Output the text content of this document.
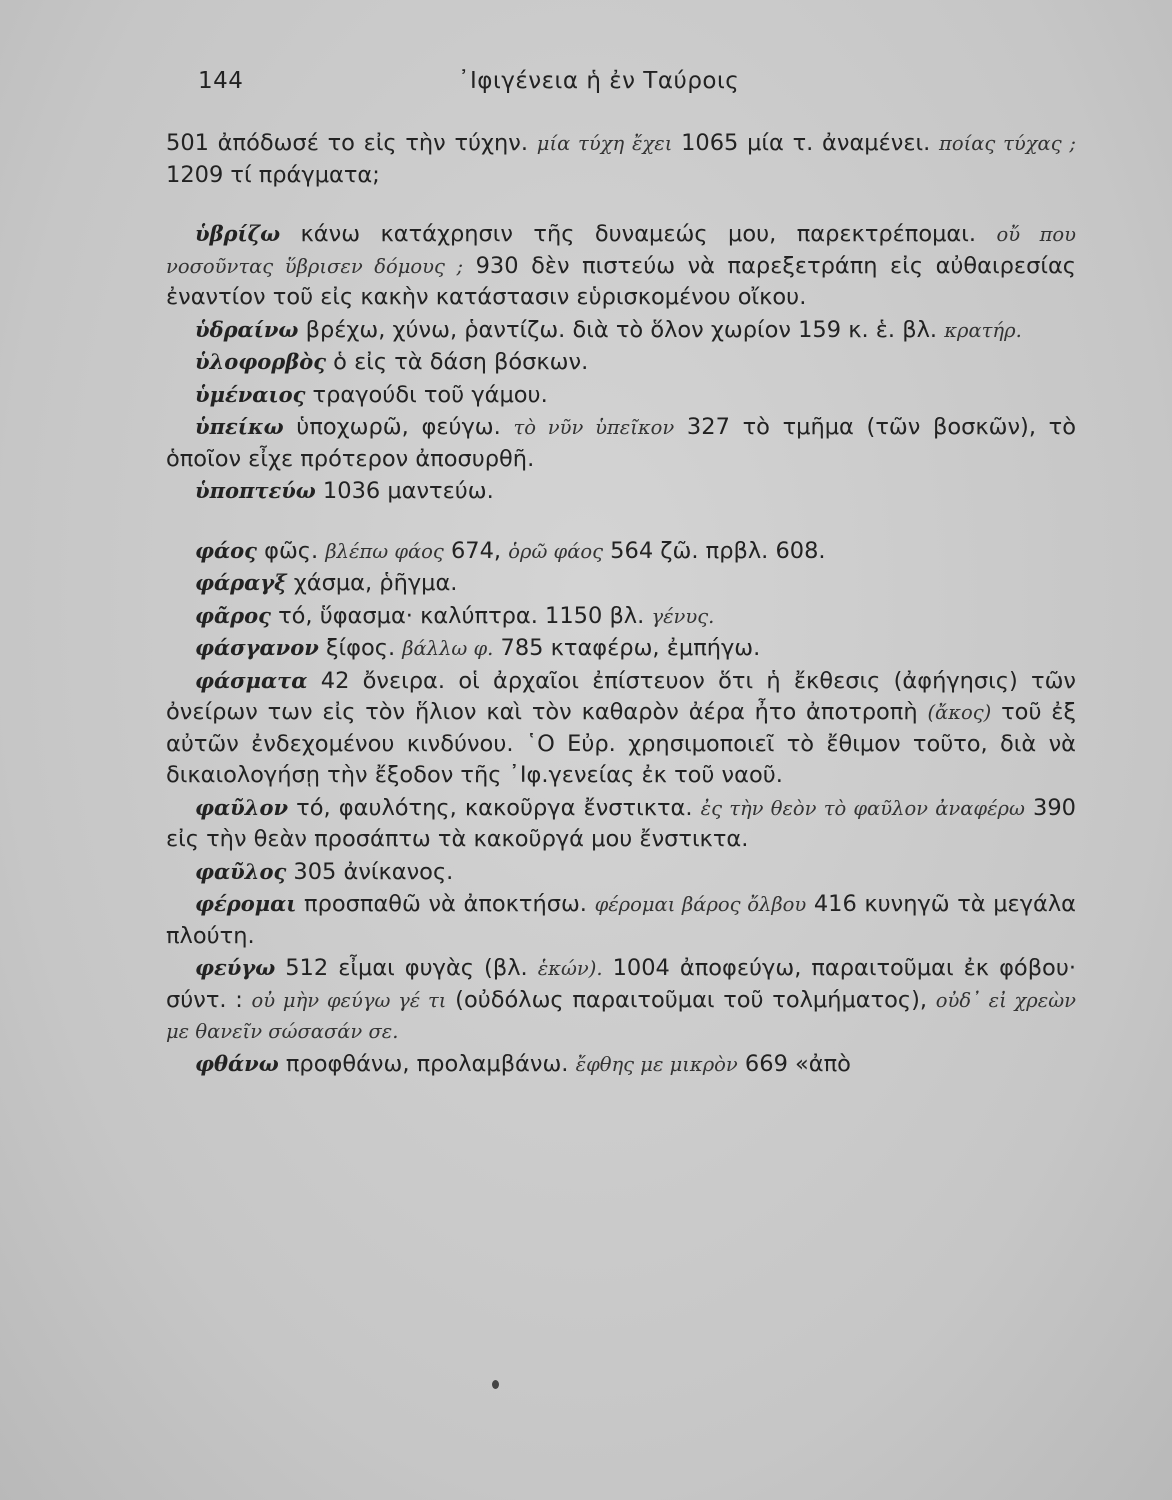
144	᾿Ιφιγένεια ἡ ἐν Ταύροις

501 ἀπόδωσέ το εἰς τὴν τύχην. μία τύχη ἔχει 1065 μία τ. ἀναμένει. ποίας τύχας ; 1209 τί πράγματα;

ὑβρίζω κάνω κατάχρησιν τῆς δυναμεώς μου, παρεκτρέπομαι. οὔ που νοσοῦντας ὕβρισεν δόμους ; 930 δὲν πιστεύω νὰ παρεξετράπη εἰς αὐθαιρεσίας ἐναντίον τοῦ εἰς κακὴν κατάστασιν εὑρισκομένου οἴκου.

ὑδραίνω βρέχω, χύνω, ῥαντίζω. διὰ τὸ ὅλον χωρίον 159 κ. ἑ. βλ. κρατήρ.

ὑλοφορβὸς ὁ εἰς τὰ δάση βόσκων.

ὑμέναιος τραγούδι τοῦ γάμου.

ὑπείκω ὑποχωρῶ, φεύγω. τὸ νῦν ὑπεῖκον 327 τὸ τμῆμα (τῶν βοσκῶν), τὸ ὁποῖον εἶχε πρότερον ἀποσυρθῆ.

ὑποπτεύω 1036 μαντεύω.

φάος φῶς. βλέπω φάος 674, ὁρῶ φάος 564 ζῶ. πρβλ. 608.

φάραγξ χάσμα, ῥῆγμα.

φᾶρος τό, ὕφασμα· καλύπτρα. 1150 βλ. γένυς.

φάσγανον ξίφος. βάλλω φ. 785 κταφέρω, ἐμπήγω.

φάσματα 42 ὄνειρα. οἱ ἀρχαῖοι ἐπίστευον ὅτι ἡ ἔκθεσις (ἀφήγησις) τῶν ὀνείρων των εἰς τὸν ἥλιον καὶ τὸν καθαρὸν ἀέρα ἦτο ἀποτροπὴ (ἄκος) τοῦ ἐξ αὐτῶν ἐνδεχομένου κινδύνου. ῾Ο Εὐρ. χρησιμοποιεῖ τὸ ἔθιμον τοῦτο, διὰ νὰ δικαιολογήσῃ τὴν ἔξοδον τῆς ᾿Ιφ.γενείας ἐκ τοῦ ναοῦ.

φαῦλον τό, φαυλότης, κακοῦργα ἔνστικτα. ἐς τὴν θεὸν τὸ φαῦλον ἀναφέρω 390 εἰς τὴν θεὰν προσάπτω τὰ κακοῦργά μου ἔνστικτα.

φαῦλος 305 ἀνίκανος.

φέρομαι προσπαθῶ νὰ ἀποκτήσω. φέρομαι βάρος ὄλβου 416 κυνηγῶ τὰ μεγάλα πλούτη.

φεύγω 512 εἶμαι φυγὰς (βλ. ἑκών). 1004 ἀποφεύγω, παραιτοῦμαι ἐκ φόβου· σύντ. : οὐ μὴν φεύγω γέ τι (οὐδόλως παραιτοῦμαι τοῦ τολμήματος), οὐδ᾽ εἰ χρεὼν με θανεῖν σώσασάν σε.

φθάνω προφθάνω, προλαμβάνω. ἔφθης με μικρὸν 669 «ἀπὸ
